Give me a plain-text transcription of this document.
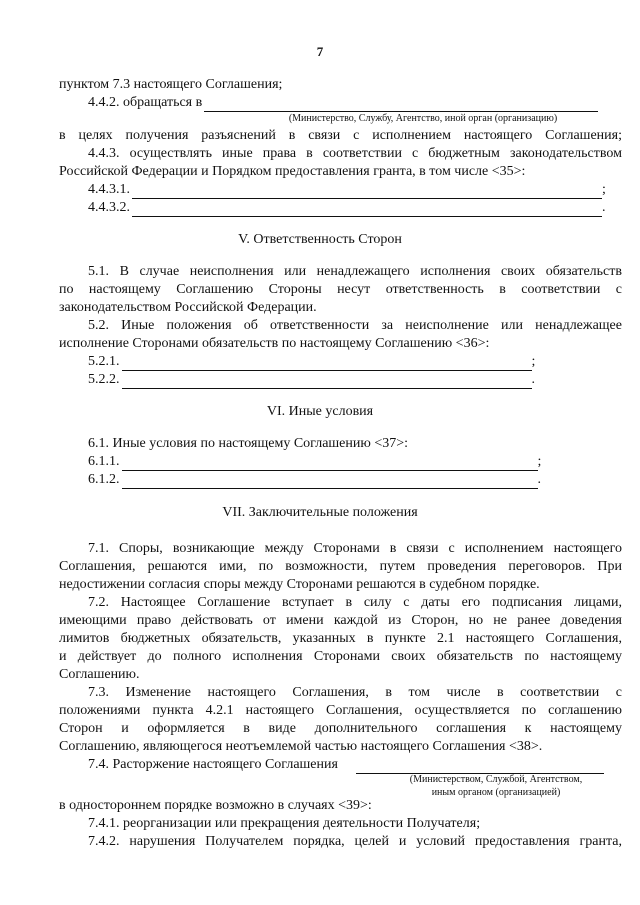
7
пунктом 7.3 настоящего Соглашения;
4.4.2. обращаться в
(Министерство, Службу, Агентство, иной орган (организацию)
в целях получения разъяснений в связи с исполнением настоящего Соглашения;
4.4.3. осуществлять иные права в соответствии с бюджетным законодательством
Российской Федерации и Порядком предоставления гранта, в том числе <35>:
4.4.3.1.	;
4.4.3.2.	.
V. Ответственность Сторон
5.1. В случае неисполнения или ненадлежащего исполнения своих обязательств
по настоящему Соглашению Стороны несут ответственность в соответствии с
законодательством Российской Федерации.
5.2. Иные положения об ответственности за неисполнение или ненадлежащее
исполнение Сторонами обязательств по настоящему Соглашению <36>:
5.2.1.	;
5.2.2.	.
VI. Иные условия
6.1. Иные условия по настоящему Соглашению <37>:
6.1.1.	;
6.1.2.	.
VII. Заключительные положения
7.1. Споры, возникающие между Сторонами в связи с исполнением настоящего
Соглашения, решаются ими, по возможности, путем проведения переговоров. При
недостижении согласия споры между Сторонами решаются в судебном порядке.
7.2. Настоящее Соглашение вступает в силу с даты его подписания лицами,
имеющими право действовать от имени каждой из Сторон, но не ранее доведения
лимитов бюджетных обязательств, указанных в пункте 2.1 настоящего Соглашения,
и действует до полного исполнения Сторонами своих обязательств по настоящему
Соглашению.
7.3. Изменение настоящего Соглашения, в том числе в соответствии с
положениями пункта 4.2.1 настоящего Соглашения, осуществляется по соглашению
Сторон и оформляется в виде дополнительного соглашения к настоящему
Соглашению, являющегося неотъемлемой частью настоящего Соглашения <38>.
7.4. Расторжение настоящего Соглашения
(Министерством, Службой, Агентством,
иным органом (организацией)
в одностороннем порядке возможно в случаях <39>:
7.4.1. реорганизации или прекращения деятельности Получателя;
7.4.2. нарушения Получателем порядка, целей и условий предоставления гранта,
